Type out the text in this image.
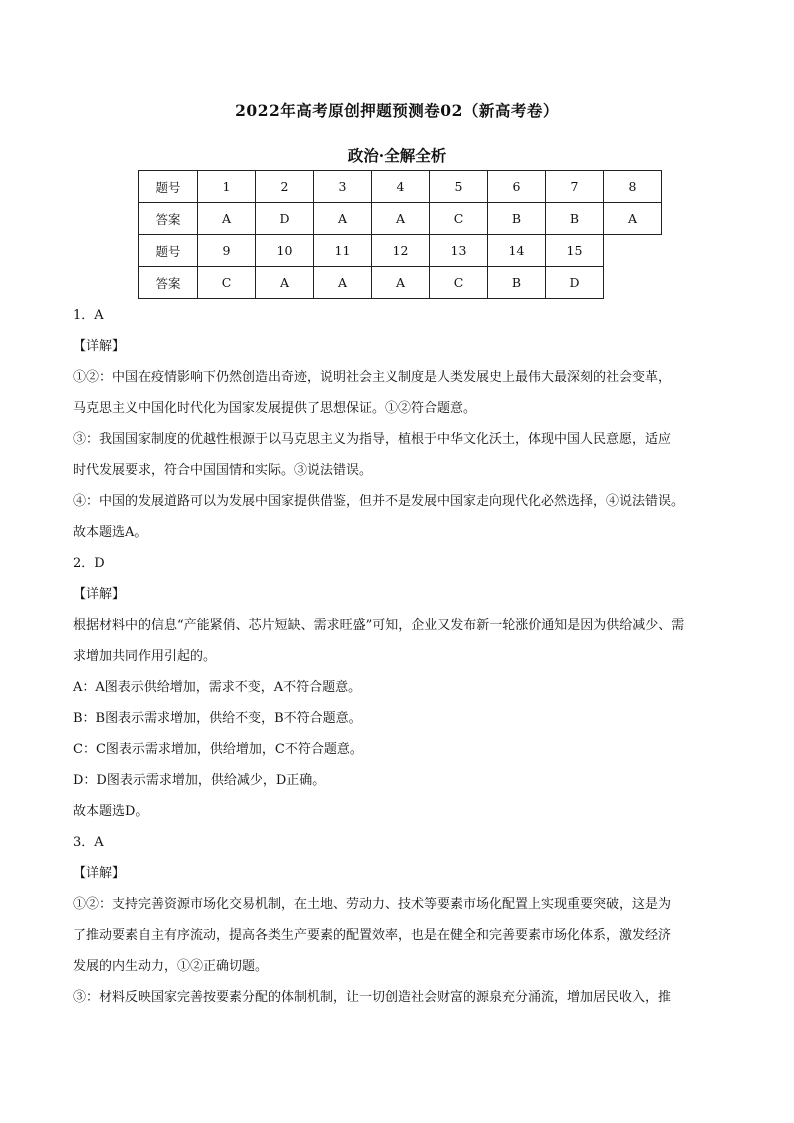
2022年高考原创押题预测卷02（新高考卷）
政治·全解全析
题号	1	2	3	4	5	6	7	8
答案	A	D	A	A	C	B	B	A
题号	9	10	11	12	13	14	15	
答案	C	A	A	A	C	B	D	

1．A

【详解】

①②：中国在疫情影响下仍然创造出奇迹，说明社会主义制度是人类发展史上最伟大最深刻的社会变革，

马克思主义中国化时代化为国家发展提供了思想保证。①②符合题意。

③：我国国家制度的优越性根源于以马克思主义为指导，植根于中华文化沃土，体现中国人民意愿，适应

时代发展要求，符合中国国情和实际。③说法错误。

④：中国的发展道路可以为发展中国家提供借鉴，但并不是发展中国家走向现代化必然选择，④说法错误。

故本题选A。

2．D

【详解】

根据材料中的信息“产能紧俏、芯片短缺、需求旺盛”可知，企业又发布新一轮涨价通知是因为供给减少、需

求增加共同作用引起的。

A：A图表示供给增加，需求不变，A不符合题意。

B：B图表示需求增加，供给不变，B不符合题意。

C：C图表示需求增加，供给增加，C不符合题意。

D：D图表示需求增加，供给减少，D正确。

故本题选D。

3．A

【详解】

①②：支持完善资源市场化交易机制，在土地、劳动力、技术等要素市场化配置上实现重要突破，这是为

了推动要素自主有序流动，提高各类生产要素的配置效率，也是在健全和完善要素市场化体系，激发经济

发展的内生动力，①②正确切题。

③：材料反映国家完善按要素分配的体制机制，让一切创造社会财富的源泉充分涌流，增加居民收入，推
